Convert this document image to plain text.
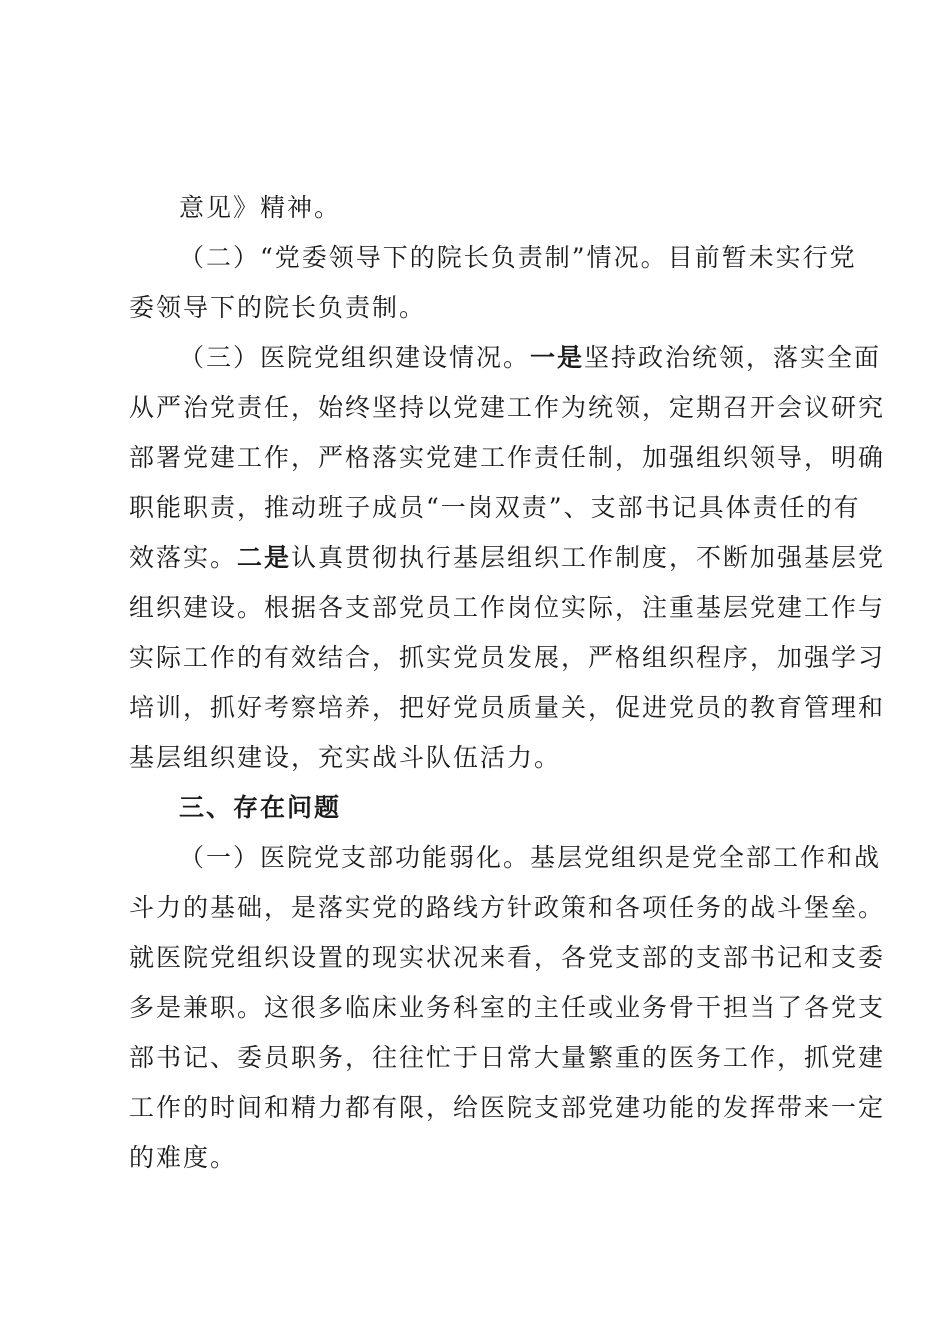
意见》精神。
（二）“党委领导下的院长负责制”情况。目前暂未实行党
委领导下的院长负责制。
（三）医院党组织建设情况。一是坚持政治统领，落实全面
从严治党责任，始终坚持以党建工作为统领，定期召开会议研究
部署党建工作，严格落实党建工作责任制，加强组织领导，明确
职能职责，推动班子成员“一岗双责”、支部书记具体责任的有
效落实。二是认真贯彻执行基层组织工作制度，不断加强基层党
组织建设。根据各支部党员工作岗位实际，注重基层党建工作与
实际工作的有效结合，抓实党员发展，严格组织程序，加强学习
培训，抓好考察培养，把好党员质量关，促进党员的教育管理和
基层组织建设，充实战斗队伍活力。
三、存在问题
（一）医院党支部功能弱化。基层党组织是党全部工作和战
斗力的基础，是落实党的路线方针政策和各项任务的战斗堡垒。
就医院党组织设置的现实状况来看，各党支部的支部书记和支委
多是兼职。这很多临床业务科室的主任或业务骨干担当了各党支
部书记、委员职务，往往忙于日常大量繁重的医务工作，抓党建
工作的时间和精力都有限，给医院支部党建功能的发挥带来一定
的难度。
